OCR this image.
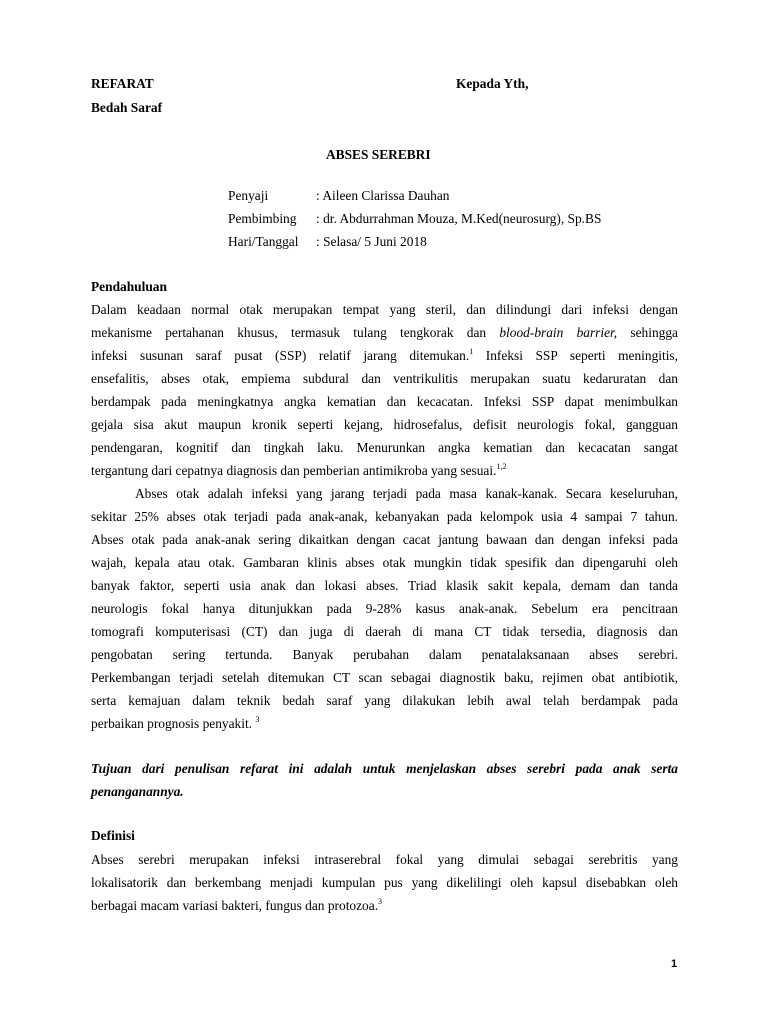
REFARAT
Bedah Saraf
Kepada Yth,
ABSES SEREBRI
Penyaji	: Aileen Clarissa Dauhan
Pembimbing : dr. Abdurrahman Mouza, M.Ked(neurosurg), Sp.BS
Hari/Tanggal : Selasa/ 5 Juni 2018
Pendahuluan
Dalam keadaan normal otak merupakan tempat yang steril, dan dilindungi dari infeksi dengan
mekanisme pertahanan khusus, termasuk tulang tengkorak dan blood-brain barrier, sehingga
infeksi susunan saraf pusat (SSP) relatif jarang ditemukan.$^1$ Infeksi SSP seperti meningitis,
ensefalitis, abses otak, empiema subdural dan ventrikulitis merupakan suatu kedaruratan dan
berdampak pada meningkatnya angka kematian dan kecacatan. Infeksi SSP dapat menimbulkan
gejala sisa akut maupun kronik seperti kejang, hidrosefalus, defisit neurologis fokal, gangguan
pendengaran, kognitif dan tingkah laku. Menurunkan angka kematian dan kecacatan sangat
tergantung dari cepatnya diagnosis dan pemberian antimikroba yang sesuai.$^{1,2}$
Abses otak adalah infeksi yang jarang terjadi pada masa kanak-kanak. Secara keseluruhan,
sekitar 25% abses otak terjadi pada anak-anak, kebanyakan pada kelompok usia 4 sampai 7 tahun.
Abses otak pada anak-anak sering dikaitkan dengan cacat jantung bawaan dan dengan infeksi pada
wajah, kepala atau otak. Gambaran klinis abses otak mungkin tidak spesifik dan dipengaruhi oleh
banyak faktor, seperti usia anak dan lokasi abses. Triad klasik sakit kepala, demam dan tanda
neurologis fokal hanya ditunjukkan pada 9-28% kasus anak-anak. Sebelum era pencitraan
tomografi komputerisasi (CT) dan juga di daerah di mana CT tidak tersedia, diagnosis dan
pengobatan sering tertunda. Banyak perubahan dalam penatalaksanaan abses serebri.
Perkembangan terjadi setelah ditemukan CT scan sebagai diagnostik baku, rejimen obat antibiotik,
serta kemajuan dalam teknik bedah saraf yang dilakukan lebih awal telah berdampak pada
perbaikan prognosis penyakit. $^3$
Tujuan dari penulisan refarat ini adalah untuk menjelaskan abses serebri pada anak serta
penanganannya.
Definisi
Abses serebri merupakan infeksi intraserebral fokal yang dimulai sebagai serebritis yang
lokalisatorik dan berkembang menjadi kumpulan pus yang dikelilingi oleh kapsul disebabkan oleh
berbagai macam variasi bakteri, fungus dan protozoa.$^3$
1
